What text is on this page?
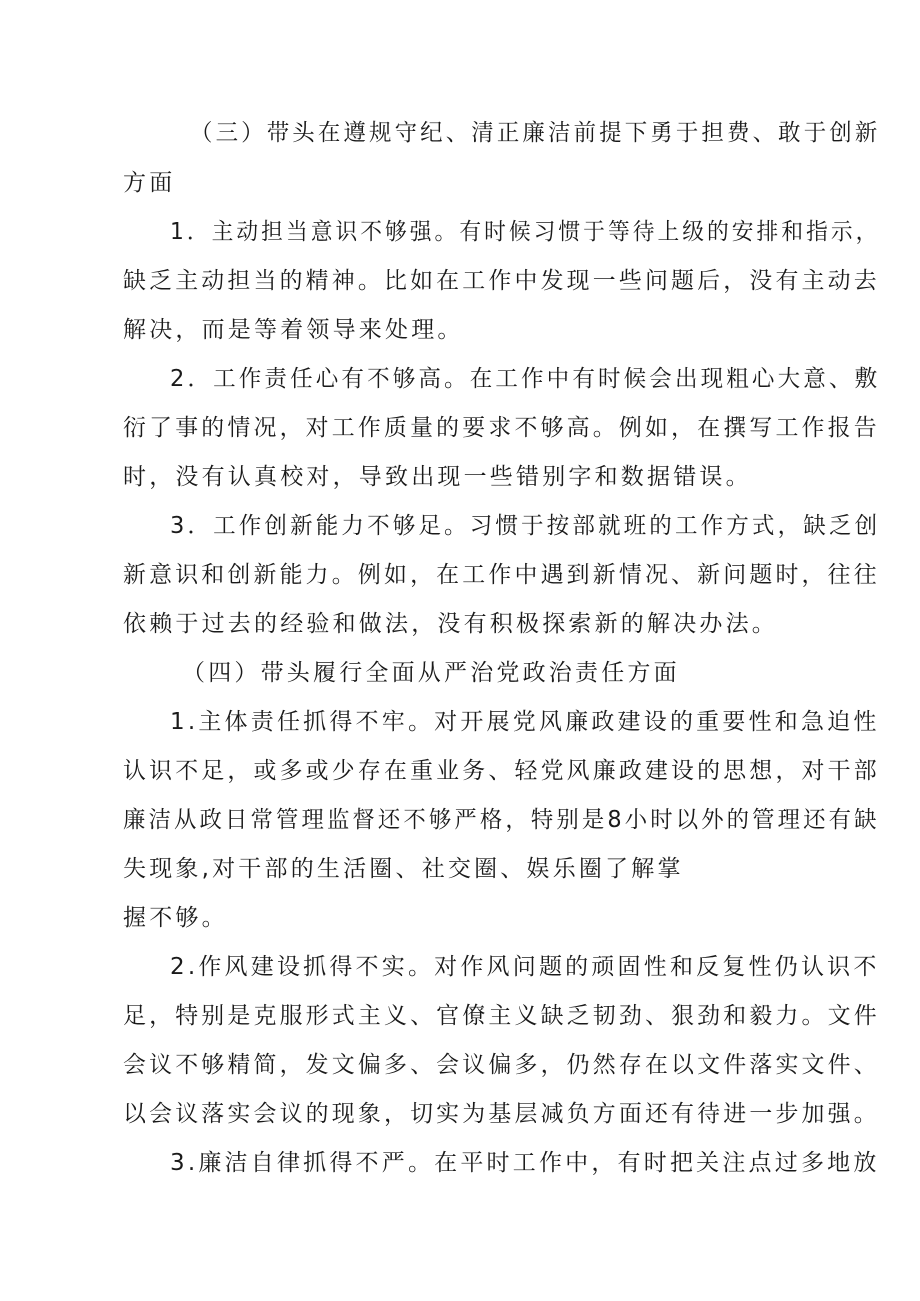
（三）带头在遵规守纪、清正廉洁前提下勇于担费、敢于创新
方面
1．主动担当意识不够强。有时候习惯于等待上级的安排和指示，
缺乏主动担当的精神。比如在工作中发现一些问题后，没有主动去
解决，而是等着领导来处理。
2．工作责任心有不够高。在工作中有时候会出现粗心大意、敷
衍了事的情况，对工作质量的要求不够高。例如，在撰写工作报告
时，没有认真校对，导致出现一些错别字和数据错误。
3．工作创新能力不够足。习惯于按部就班的工作方式，缺乏创
新意识和创新能力。例如，在工作中遇到新情况、新问题时，往往
依赖于过去的经验和做法，没有积极探索新的解决办法。
（四）带头履行全面从严治党政治责任方面
1.主体责任抓得不牢。对开展党风廉政建设的重要性和急迫性
认识不足，或多或少存在重业务、轻党风廉政建设的思想，对干部
廉洁从政日常管理监督还不够严格，特别是8小时以外的管理还有缺
失现象,对干部的生活圈、社交圈、娱乐圈了解掌
握不够。
2.作风建设抓得不实。对作风问题的顽固性和反复性仍认识不
足，特别是克服形式主义、官僚主义缺乏韧劲、狠劲和毅力。文件
会议不够精简，发文偏多、会议偏多，仍然存在以文件落实文件、
以会议落实会议的现象，切实为基层减负方面还有待进一步加强。
3.廉洁自律抓得不严。在平时工作中，有时把关注点过多地放
